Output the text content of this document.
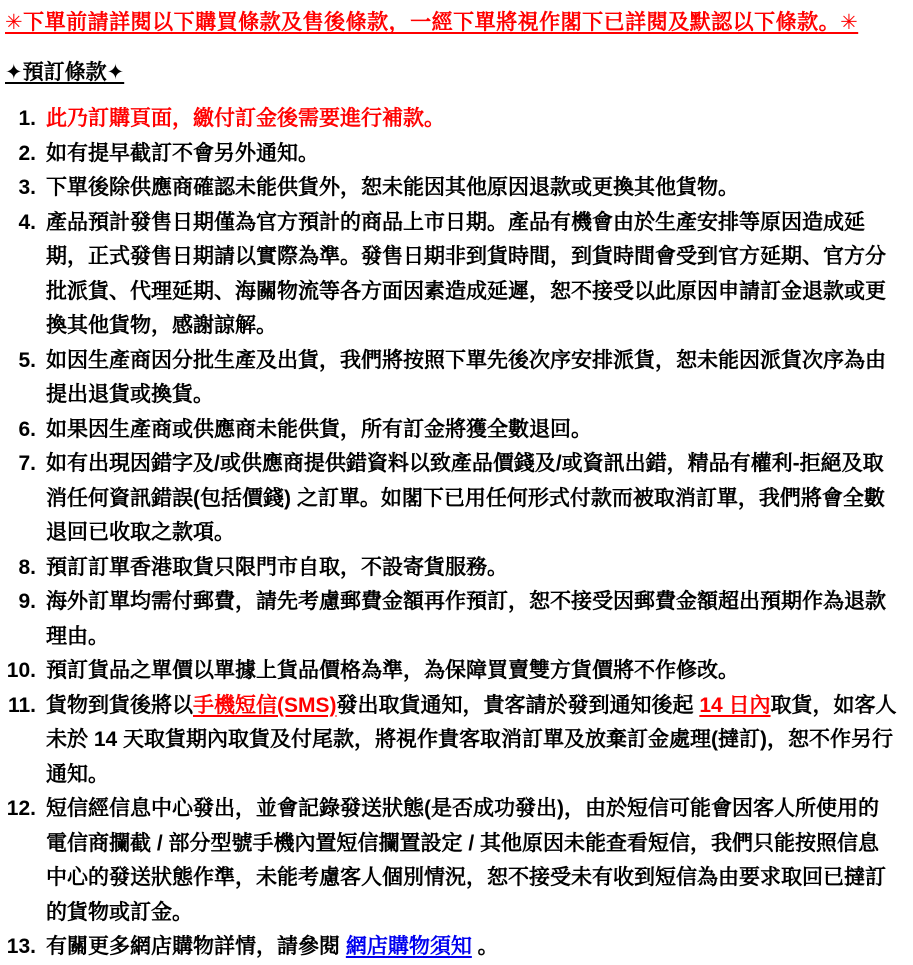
✳下單前請詳閱以下購買條款及售後條款，一經下單將視作閣下已詳閱及默認以下條款。✳
✦預訂條款✦
1. 此乃訂購頁面，繳付訂金後需要進行補款。
2. 如有提早截訂不會另外通知。
3. 下單後除供應商確認未能供貨外，恕未能因其他原因退款或更換其他貨物。
4. 產品預計發售日期僅為官方預計的商品上市日期。產品有機會由於生產安排等原因造成延期，正式發售日期請以實際為準。發售日期非到貨時間，到貨時間會受到官方延期、官方分批派貨、代理延期、海關物流等各方面因素造成延遲，恕不接受以此原因申請訂金退款或更換其他貨物，感謝諒解。
5. 如因生產商因分批生產及出貨，我們將按照下單先後次序安排派貨，恕未能因派貨次序為由提出退貨或換貨。
6. 如果因生產商或供應商未能供貨，所有訂金將獲全數退回。
7. 如有出現因錯字及/或供應商提供錯資料以致產品價錢及/或資訊出錯，精品有權利-拒絕及取消任何資訊錯誤(包括價錢) 之訂單。如閣下已用任何形式付款而被取消訂單，我們將會全數退回已收取之款項。
8. 預訂訂單香港取貨只限門市自取，不設寄貨服務。
9. 海外訂單均需付郵費，請先考慮郵費金額再作預訂，恕不接受因郵費金額超出預期作為退款理由。
10. 預訂貨品之單價以單據上貨品價格為準，為保障買賣雙方貨價將不作修改。
11. 貨物到貨後將以手機短信(SMS)發出取貨通知，貴客請於發到通知後起 14 日內取貨，如客人未於 14 天取貨期內取貨及付尾款，將視作貴客取消訂單及放棄訂金處理(撻訂)，恕不作另行通知。
12. 短信經信息中心發出，並會記錄發送狀態(是否成功發出)，由於短信可能會因客人所使用的電信商攔截 / 部分型號手機內置短信攔置設定 / 其他原因未能查看短信，我們只能按照信息中心的發送狀態作準，未能考慮客人個別情況，恕不接受未有收到短信為由要求取回已撻訂的貨物或訂金。
13. 有關更多網店購物詳情，請參閱 網店購物須知 。
